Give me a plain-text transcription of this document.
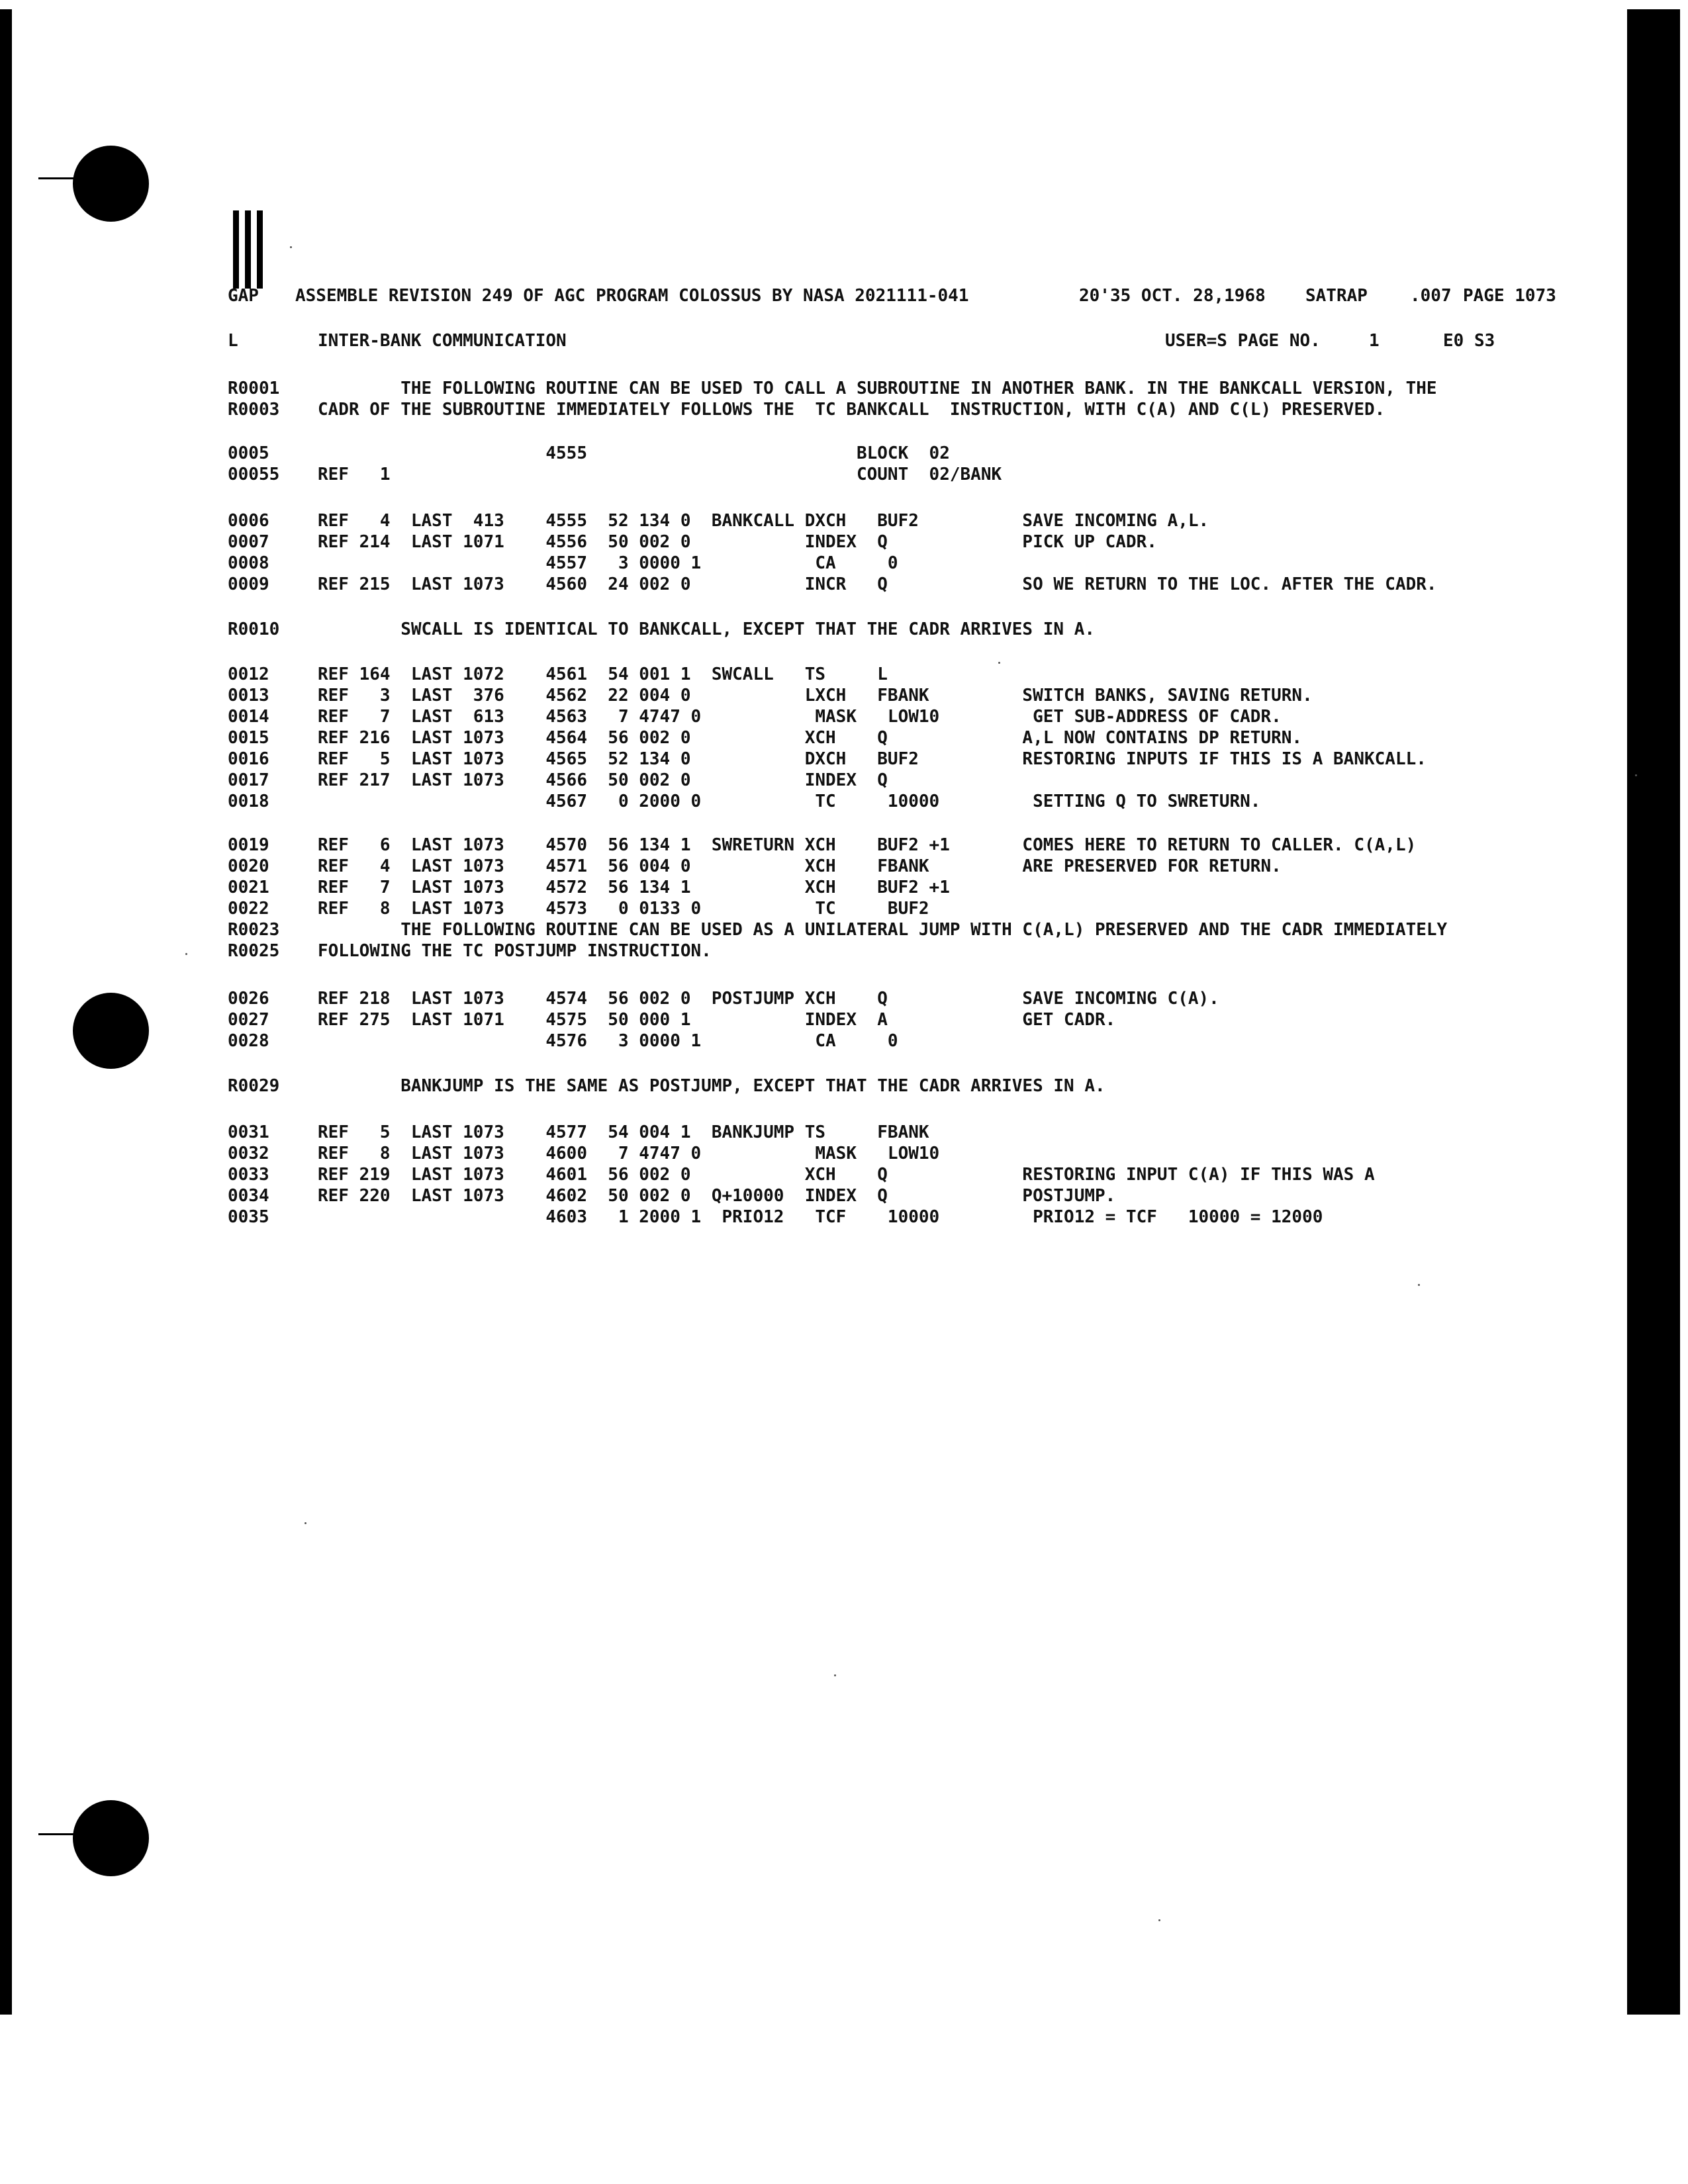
GAP ASSEMBLE REVISION 249 OF AGC PROGRAM COLOSSUS BY NASA 2021111-041	20'35 OCT. 28,1968 SATRAP .007 PAGE 1073
L	INTER-BANK COMMUNICATION	USER=S PAGE NO.	1	E0 S3
R0001 THE FOLLOWING ROUTINE CAN BE USED TO CALL A SUBROUTINE IN ANOTHER BANK. IN THE BANKCALL VERSION, THE
R0003 CADR OF THE SUBROUTINE IMMEDIATELY FOLLOWS THE  TC BANKCALL  INSTRUCTION, WITH C(A) AND C(L) PRESERVED.
0005	4555                          BLOCK  02
00055 REF   1                                             COUNT  02/BANK
0006	REF   4  LAST  413    4555  52 134 0  BANKCALL DXCH   BUF2          SAVE INCOMING A,L.
0007	REF 214  LAST 1071    4556  50 002 0           INDEX  Q             PICK UP CADR.
0008	4557   3 0000 1           CA     0
0009	REF 215  LAST 1073    4560  24 002 0           INCR   Q             SO WE RETURN TO THE LOC. AFTER THE CADR.
R0010 SWCALL IS IDENTICAL TO BANKCALL, EXCEPT THAT THE CADR ARRIVES IN A.
0012	REF 164  LAST 1072    4561  54 001 1  SWCALL   TS     L
0013	REF   3  LAST  376    4562  22 004 0           LXCH   FBANK         SWITCH BANKS, SAVING RETURN.
0014	REF   7  LAST  613    4563   7 4747 0           MASK   LOW10         GET SUB-ADDRESS OF CADR.
0015	REF 216  LAST 1073    4564  56 002 0           XCH    Q             A,L NOW CONTAINS DP RETURN.
0016	REF   5  LAST 1073    4565  52 134 0           DXCH   BUF2          RESTORING INPUTS IF THIS IS A BANKCALL.
0017	REF 217  LAST 1073    4566  50 002 0           INDEX  Q
0018	4567   0 2000 0           TC     10000         SETTING Q TO SWRETURN.
0019	REF   6  LAST 1073    4570  56 134 1  SWRETURN XCH    BUF2 +1       COMES HERE TO RETURN TO CALLER. C(A,L)
0020	REF   4  LAST 1073    4571  56 004 0           XCH    FBANK         ARE PRESERVED FOR RETURN.
0021	REF   7  LAST 1073    4572  56 134 1           XCH    BUF2 +1
0022	REF   8  LAST 1073    4573   0 0133 0           TC     BUF2
R0023 THE FOLLOWING ROUTINE CAN BE USED AS A UNILATERAL JUMP WITH C(A,L) PRESERVED AND THE CADR IMMEDIATELY
R0025 FOLLOWING THE TC POSTJUMP INSTRUCTION.
0026	REF 218  LAST 1073    4574  56 002 0  POSTJUMP XCH    Q             SAVE INCOMING C(A).
0027	REF 275  LAST 1071    4575  50 000 1           INDEX  A             GET CADR.
0028	4576   3 0000 1           CA     0
R0029 BANKJUMP IS THE SAME AS POSTJUMP, EXCEPT THAT THE CADR ARRIVES IN A.
0031	REF   5  LAST 1073    4577  54 004 1  BANKJUMP TS     FBANK
0032	REF   8  LAST 1073    4600   7 4747 0           MASK   LOW10
0033	REF 219  LAST 1073    4601  56 002 0           XCH    Q             RESTORING INPUT C(A) IF THIS WAS A
0034	REF 220  LAST 1073    4602  50 002 0  Q+10000  INDEX  Q             POSTJUMP.
0035	4603   1 2000 1  PRIO12   TCF    10000         PRIO12 = TCF   10000 = 12000
